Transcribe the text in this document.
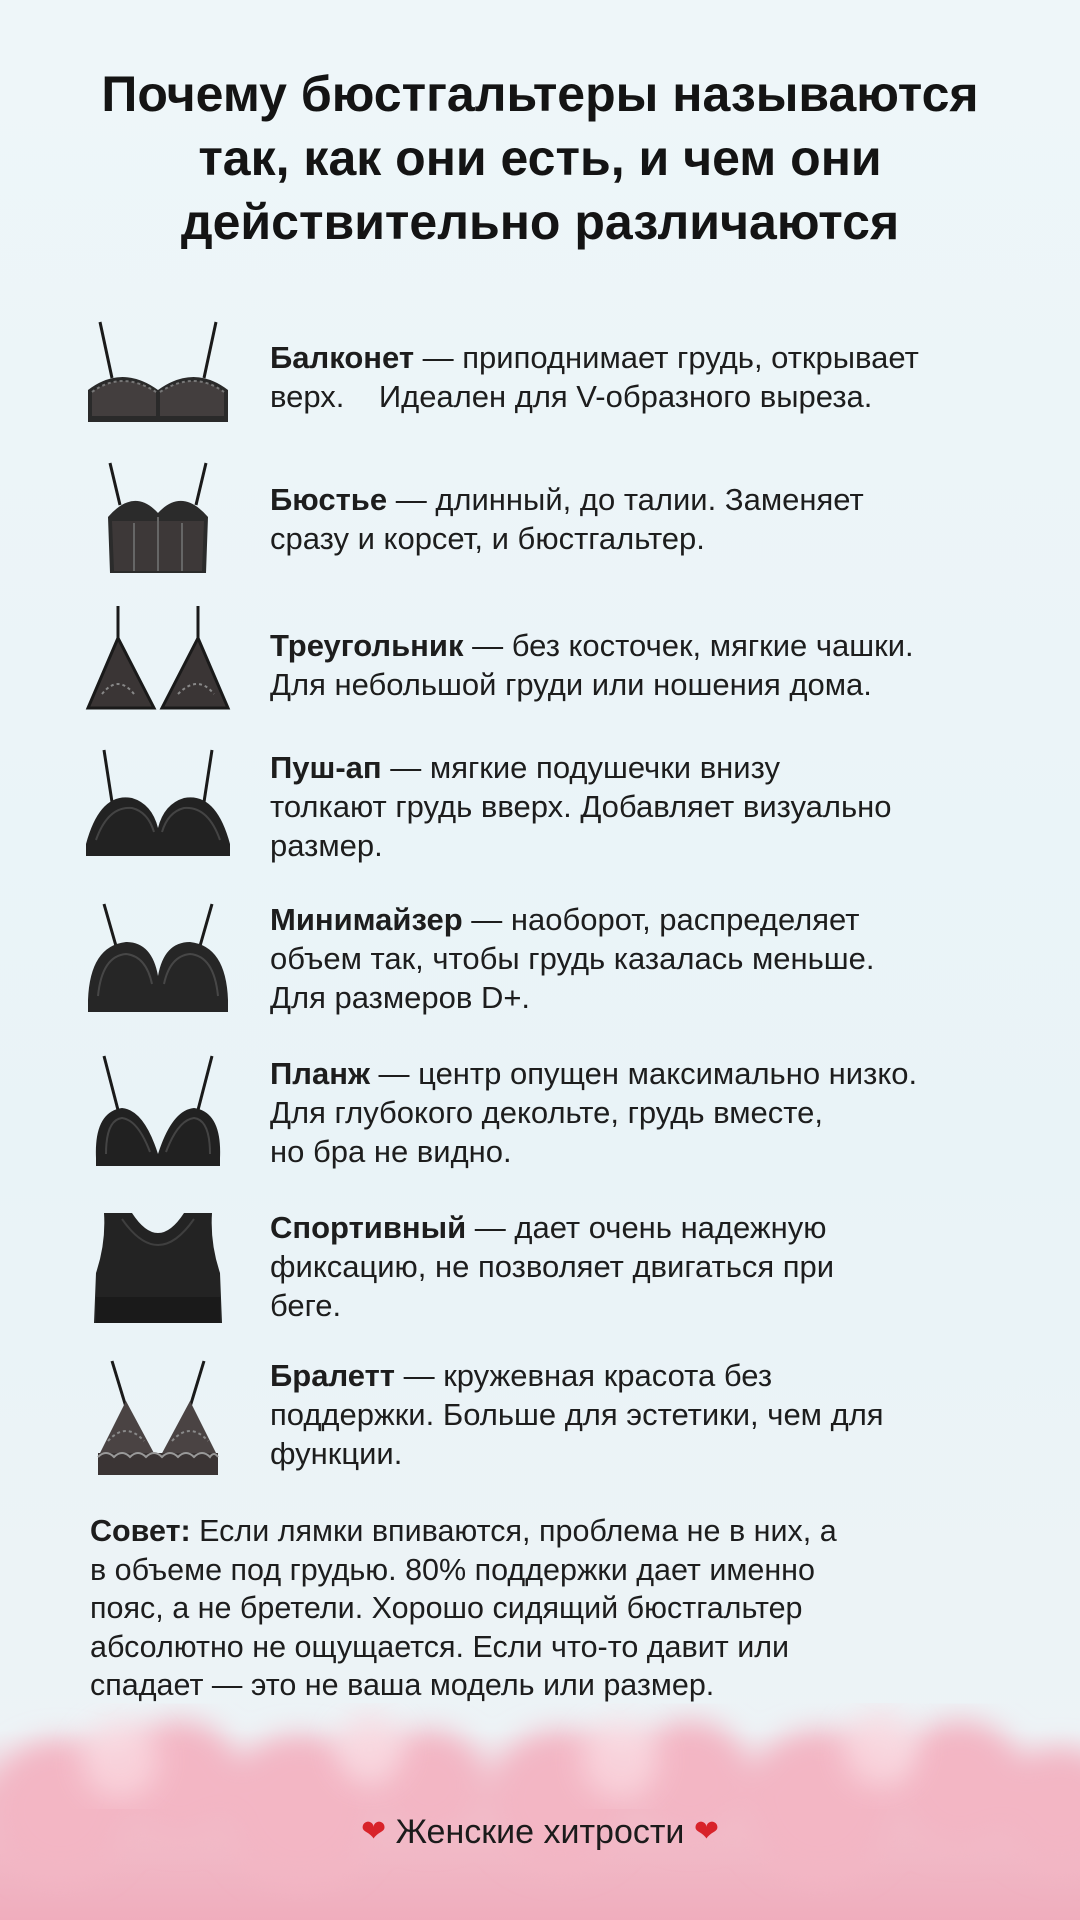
Почему бюстгальтеры называются
так, как они есть, и чем они
действительно различаются
Балконет — приподнимает грудь, открывает
верх.    Идеален для V-образного выреза.
Бюстье — длинный, до талии. Заменяет
сразу и корсет, и бюстгальтер.
Треугольник — без косточек, мягкие чашки.
Для небольшой груди или ношения дома.
Пуш-ап — мягкие подушечки внизу
толкают грудь вверх. Добавляет визуально
размер.
Минимайзер — наоборот, распределяет
объем так, чтобы грудь казалась меньше.
Для размеров D+.
Планж — центр опущен максимально низко.
Для глубокого декольте, грудь вместе,
но бра не видно.
Спортивный — дает очень надежную
фиксацию, не позволяет двигаться при
беге.
Бралетт — кружевная красота без
поддержки. Больше для эстетики, чем для
функции.
Совет: Если лямки впиваются, проблема не в них, а
в объеме под грудью. 80% поддержки дает именно
пояс, а не бретели. Хорошо сидящий бюстгальтер
абсолютно не ощущается. Если что-то давит или
спадает — это не ваша модель или размер.
❤ Женские хитрости ❤
